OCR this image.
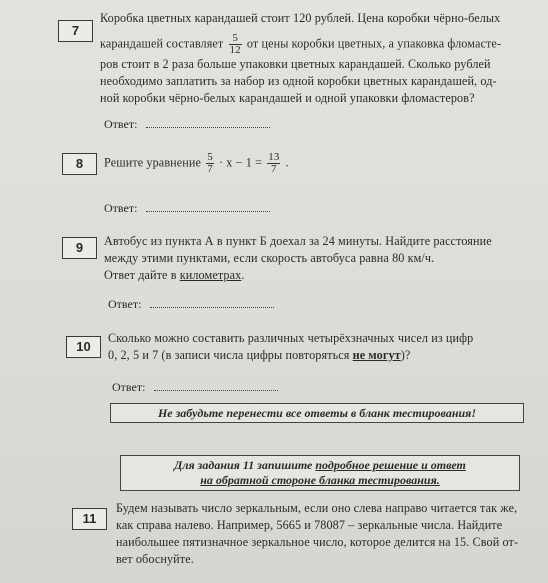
7
Коробка цветных карандашей стоит 120 рублей. Цена коробки чёрно-белых
карандашей составляет $\frac{5}{12}$ от цены коробки цветных, а упаковка фломасте-
ров стоит в 2 раза больше упаковки цветных карандашей. Сколько рублей
необходимо заплатить за набор из одной коробки цветных карандашей, од-
ной коробки чёрно-белых карандашей и одной упаковки фломастеров?
Ответ:
8	Решите уравнение $\frac{5}{7} \cdot x - 1 = \frac{13}{7}$ .
Ответ:
9	Автобус из пункта А в пункт Б доехал за 24 минуты. Найдите расстояние
между этими пунктами, если скорость автобуса равна 80 км/ч.
Ответ дайте в километрах.
Ответ:
10
Сколько можно составить различных четырёхзначных чисел из цифр
0, 2, 5 и 7 (в записи числа цифры повторяться не могут)?
Ответ:
Не забудьте перенести все ответы в бланк тестирования!
Для задания 11 запишите подробное решение и ответ
на обратной стороне бланка тестирования.
11
Будем называть число зеркальным, если оно слева направо читается так же,
как справа налево. Например, 5665 и 78087 – зеркальные числа. Найдите
наибольшее пятизначное зеркальное число, которое делится на 15. Свой от-
вет обоснуйте.
